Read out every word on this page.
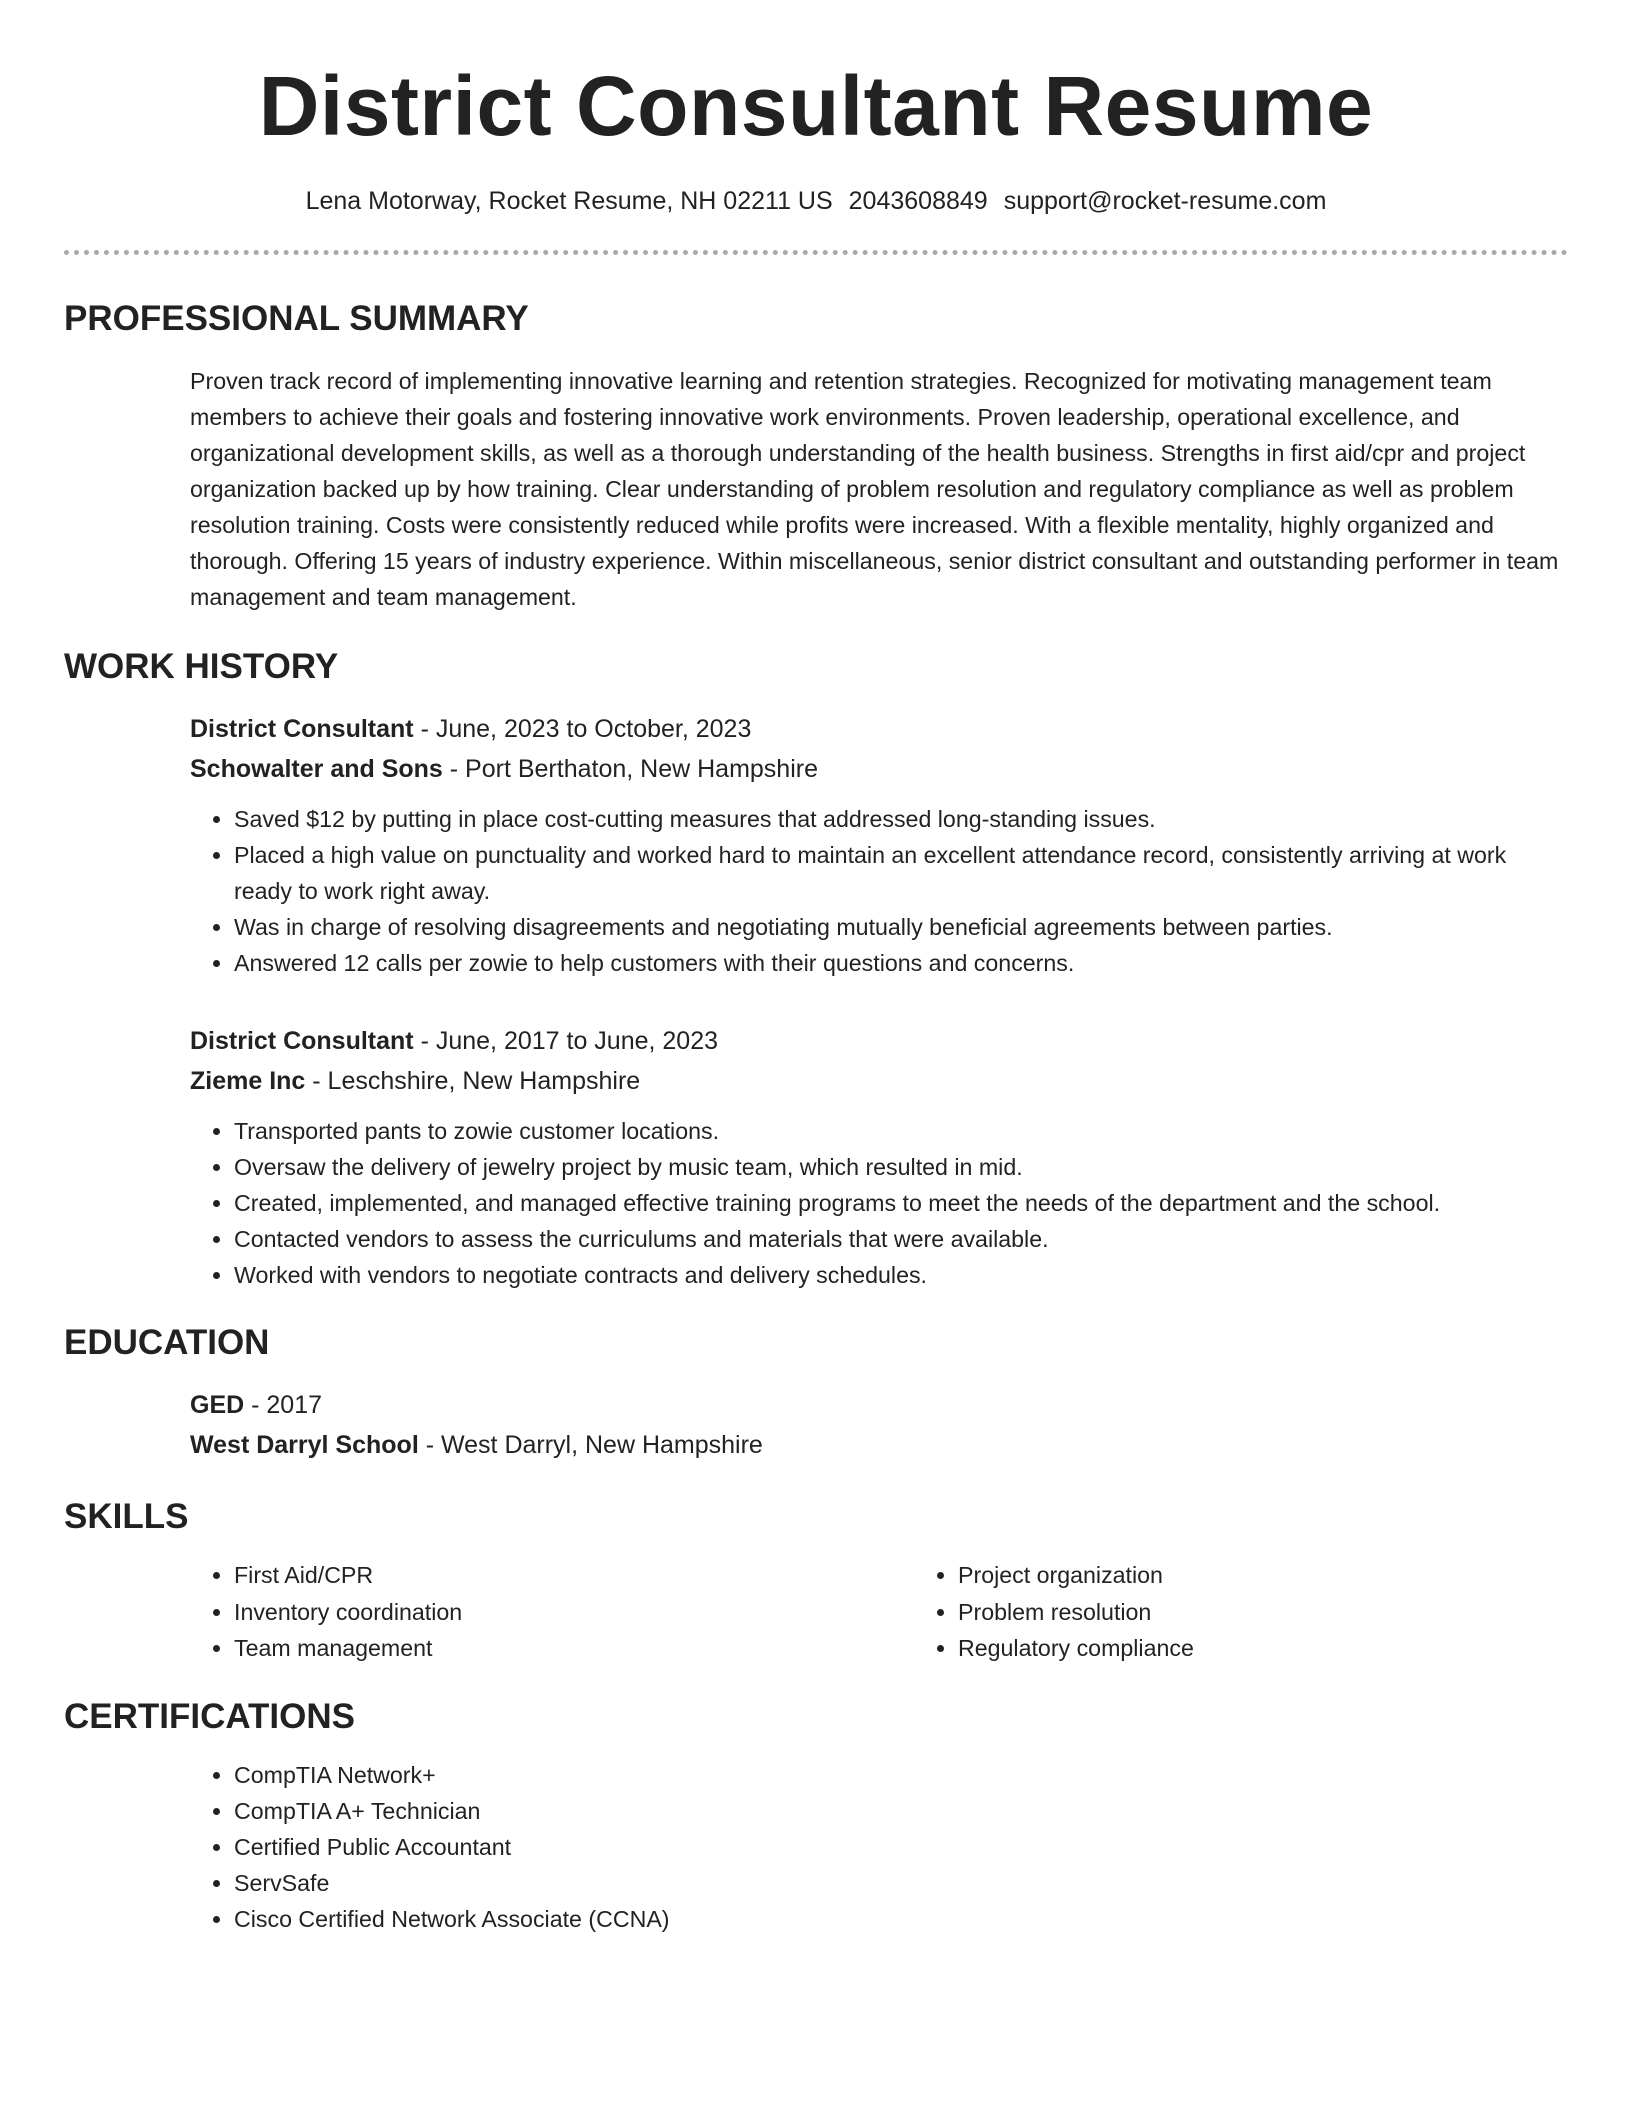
District Consultant Resume
Lena Motorway, Rocket Resume, NH 02211 US 2043608849 support@rocket-resume.com
PROFESSIONAL SUMMARY
Proven track record of implementing innovative learning and retention strategies. Recognized for motivating management team members to achieve their goals and fostering innovative work environments. Proven leadership, operational excellence, and organizational development skills, as well as a thorough understanding of the health business. Strengths in first aid/cpr and project organization backed up by how training. Clear understanding of problem resolution and regulatory compliance as well as problem resolution training. Costs were consistently reduced while profits were increased. With a flexible mentality, highly organized and thorough. Offering 15 years of industry experience. Within miscellaneous, senior district consultant and outstanding performer in team management and team management.
WORK HISTORY
District Consultant - June, 2023 to October, 2023
Schowalter and Sons - Port Berthaton, New Hampshire
• Saved $12 by putting in place cost-cutting measures that addressed long-standing issues.
• Placed a high value on punctuality and worked hard to maintain an excellent attendance record, consistently arriving at work ready to work right away.
• Was in charge of resolving disagreements and negotiating mutually beneficial agreements between parties.
• Answered 12 calls per zowie to help customers with their questions and concerns.
District Consultant - June, 2017 to June, 2023
Zieme Inc - Leschshire, New Hampshire
• Transported pants to zowie customer locations.
• Oversaw the delivery of jewelry project by music team, which resulted in mid.
• Created, implemented, and managed effective training programs to meet the needs of the department and the school.
• Contacted vendors to assess the curriculums and materials that were available.
• Worked with vendors to negotiate contracts and delivery schedules.
EDUCATION
GED - 2017
West Darryl School - West Darryl, New Hampshire
SKILLS
• First Aid/CPR
• Inventory coordination
• Team management
• Project organization
• Problem resolution
• Regulatory compliance
CERTIFICATIONS
• CompTIA Network+
• CompTIA A+ Technician
• Certified Public Accountant
• ServSafe
• Cisco Certified Network Associate (CCNA)
